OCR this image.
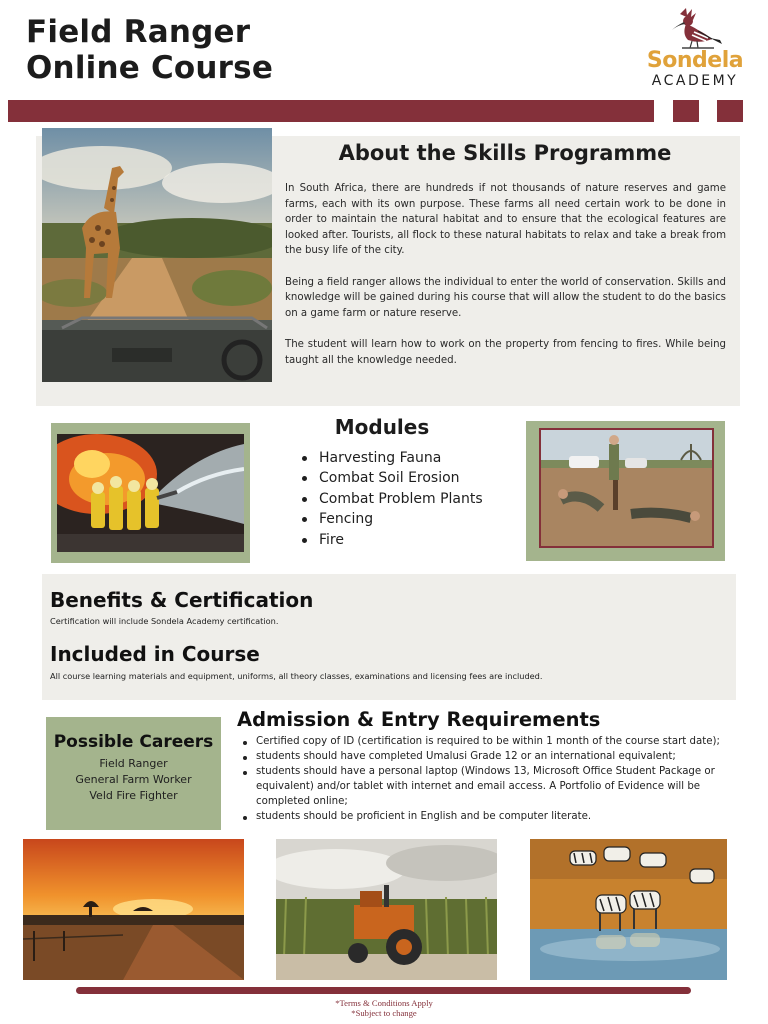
Field Ranger
Online Course	Sondela
ACADEMY
About the Skills Programme

In South Africa, there are hundreds if not thousands of nature reserves and game farms, each with its own purpose. These farms all need certain work to be done in order to maintain the natural habitat and to ensure that the ecological features are looked after. Tourists, all flock to these natural habitats to relax and take a break from the busy life of the city.

Being a field ranger allows the individual to enter the world of conservation. Skills and knowledge will be gained during his course that will allow the student to do the basics on a game farm or nature reserve.

The student will learn how to work on the property from fencing to fires. While being taught all the knowledge needed.

Modules
Harvesting Fauna
Combat Soil Erosion
Combat Problem Plants
Fencing
Fire
Benefits & Certification
Certification will include Sondela Academy certification.
Included in Course
All course learning materials and equipment, uniforms, all theory classes, examinations and licensing fees are included.
Possible Careers
Field Ranger
General Farm Worker
Veld Fire Fighter
Admission & Entry Requirements
Certified copy of ID (certification is required to be within 1 month of the course start date);
students should have completed Umalusi Grade 12 or an international equivalent;
students should have a personal laptop (Windows 13, Microsoft Office Student Package or equivalent) and/or tablet with internet and email access. A Portfolio of Evidence will be completed online;
students should be proficient in English and be computer literate.
*Terms & Conditions Apply
*Subject to change
